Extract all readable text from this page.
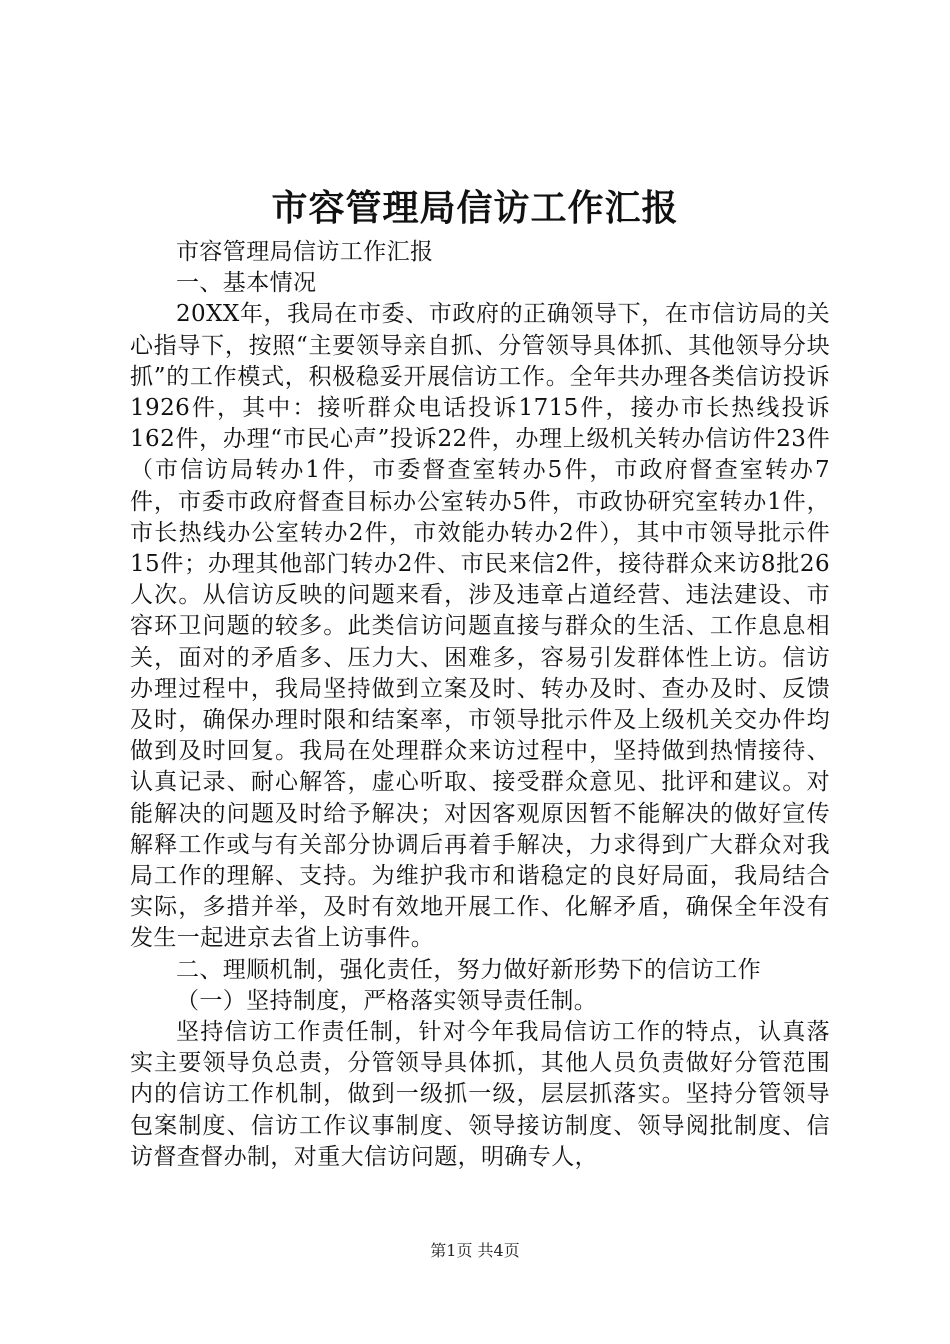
市容管理局信访工作汇报

市容管理局信访工作汇报

一、基本情况

20XX年，我局在市委、市政府的正确领导下，在市信访局的关心指导下，按照“主要领导亲自抓、分管领导具体抓、其他领导分块抓”的工作模式，积极稳妥开展信访工作。全年共办理各类信访投诉1926件，其中：接听群众电话投诉1715件，接办市长热线投诉162件，办理“市民心声”投诉22件，办理上级机关转办信访件23件（市信访局转办1件，市委督查室转办5件，市政府督查室转办7件，市委市政府督查目标办公室转办5件，市政协研究室转办1件，市长热线办公室转办2件，市效能办转办2件），其中市领导批示件15件；办理其他部门转办2件、市民来信2件，接待群众来访8批26人次。从信访反映的问题来看，涉及违章占道经营、违法建设、市容环卫问题的较多。此类信访问题直接与群众的生活、工作息息相关，面对的矛盾多、压力大、困难多，容易引发群体性上访。信访办理过程中，我局坚持做到立案及时、转办及时、查办及时、反馈及时，确保办理时限和结案率，市领导批示件及上级机关交办件均做到及时回复。我局在处理群众来访过程中，坚持做到热情接待、认真记录、耐心解答，虚心听取、接受群众意见、批评和建议。对能解决的问题及时给予解决；对因客观原因暂不能解决的做好宣传解释工作或与有关部分协调后再着手解决，力求得到广大群众对我局工作的理解、支持。为维护我市和谐稳定的良好局面，我局结合实际，多措并举，及时有效地开展工作、化解矛盾，确保全年没有发生一起进京去省上访事件。

二、理顺机制，强化责任，努力做好新形势下的信访工作

（一）坚持制度，严格落实领导责任制。

坚持信访工作责任制，针对今年我局信访工作的特点，认真落实主要领导负总责，分管领导具体抓，其他人员负责做好分管范围内的信访工作机制，做到一级抓一级，层层抓落实。坚持分管领导包案制度、信访工作议事制度、领导接访制度、领导阅批制度、信访督查督办制，对重大信访问题，明确专人，

第1页 共4页
